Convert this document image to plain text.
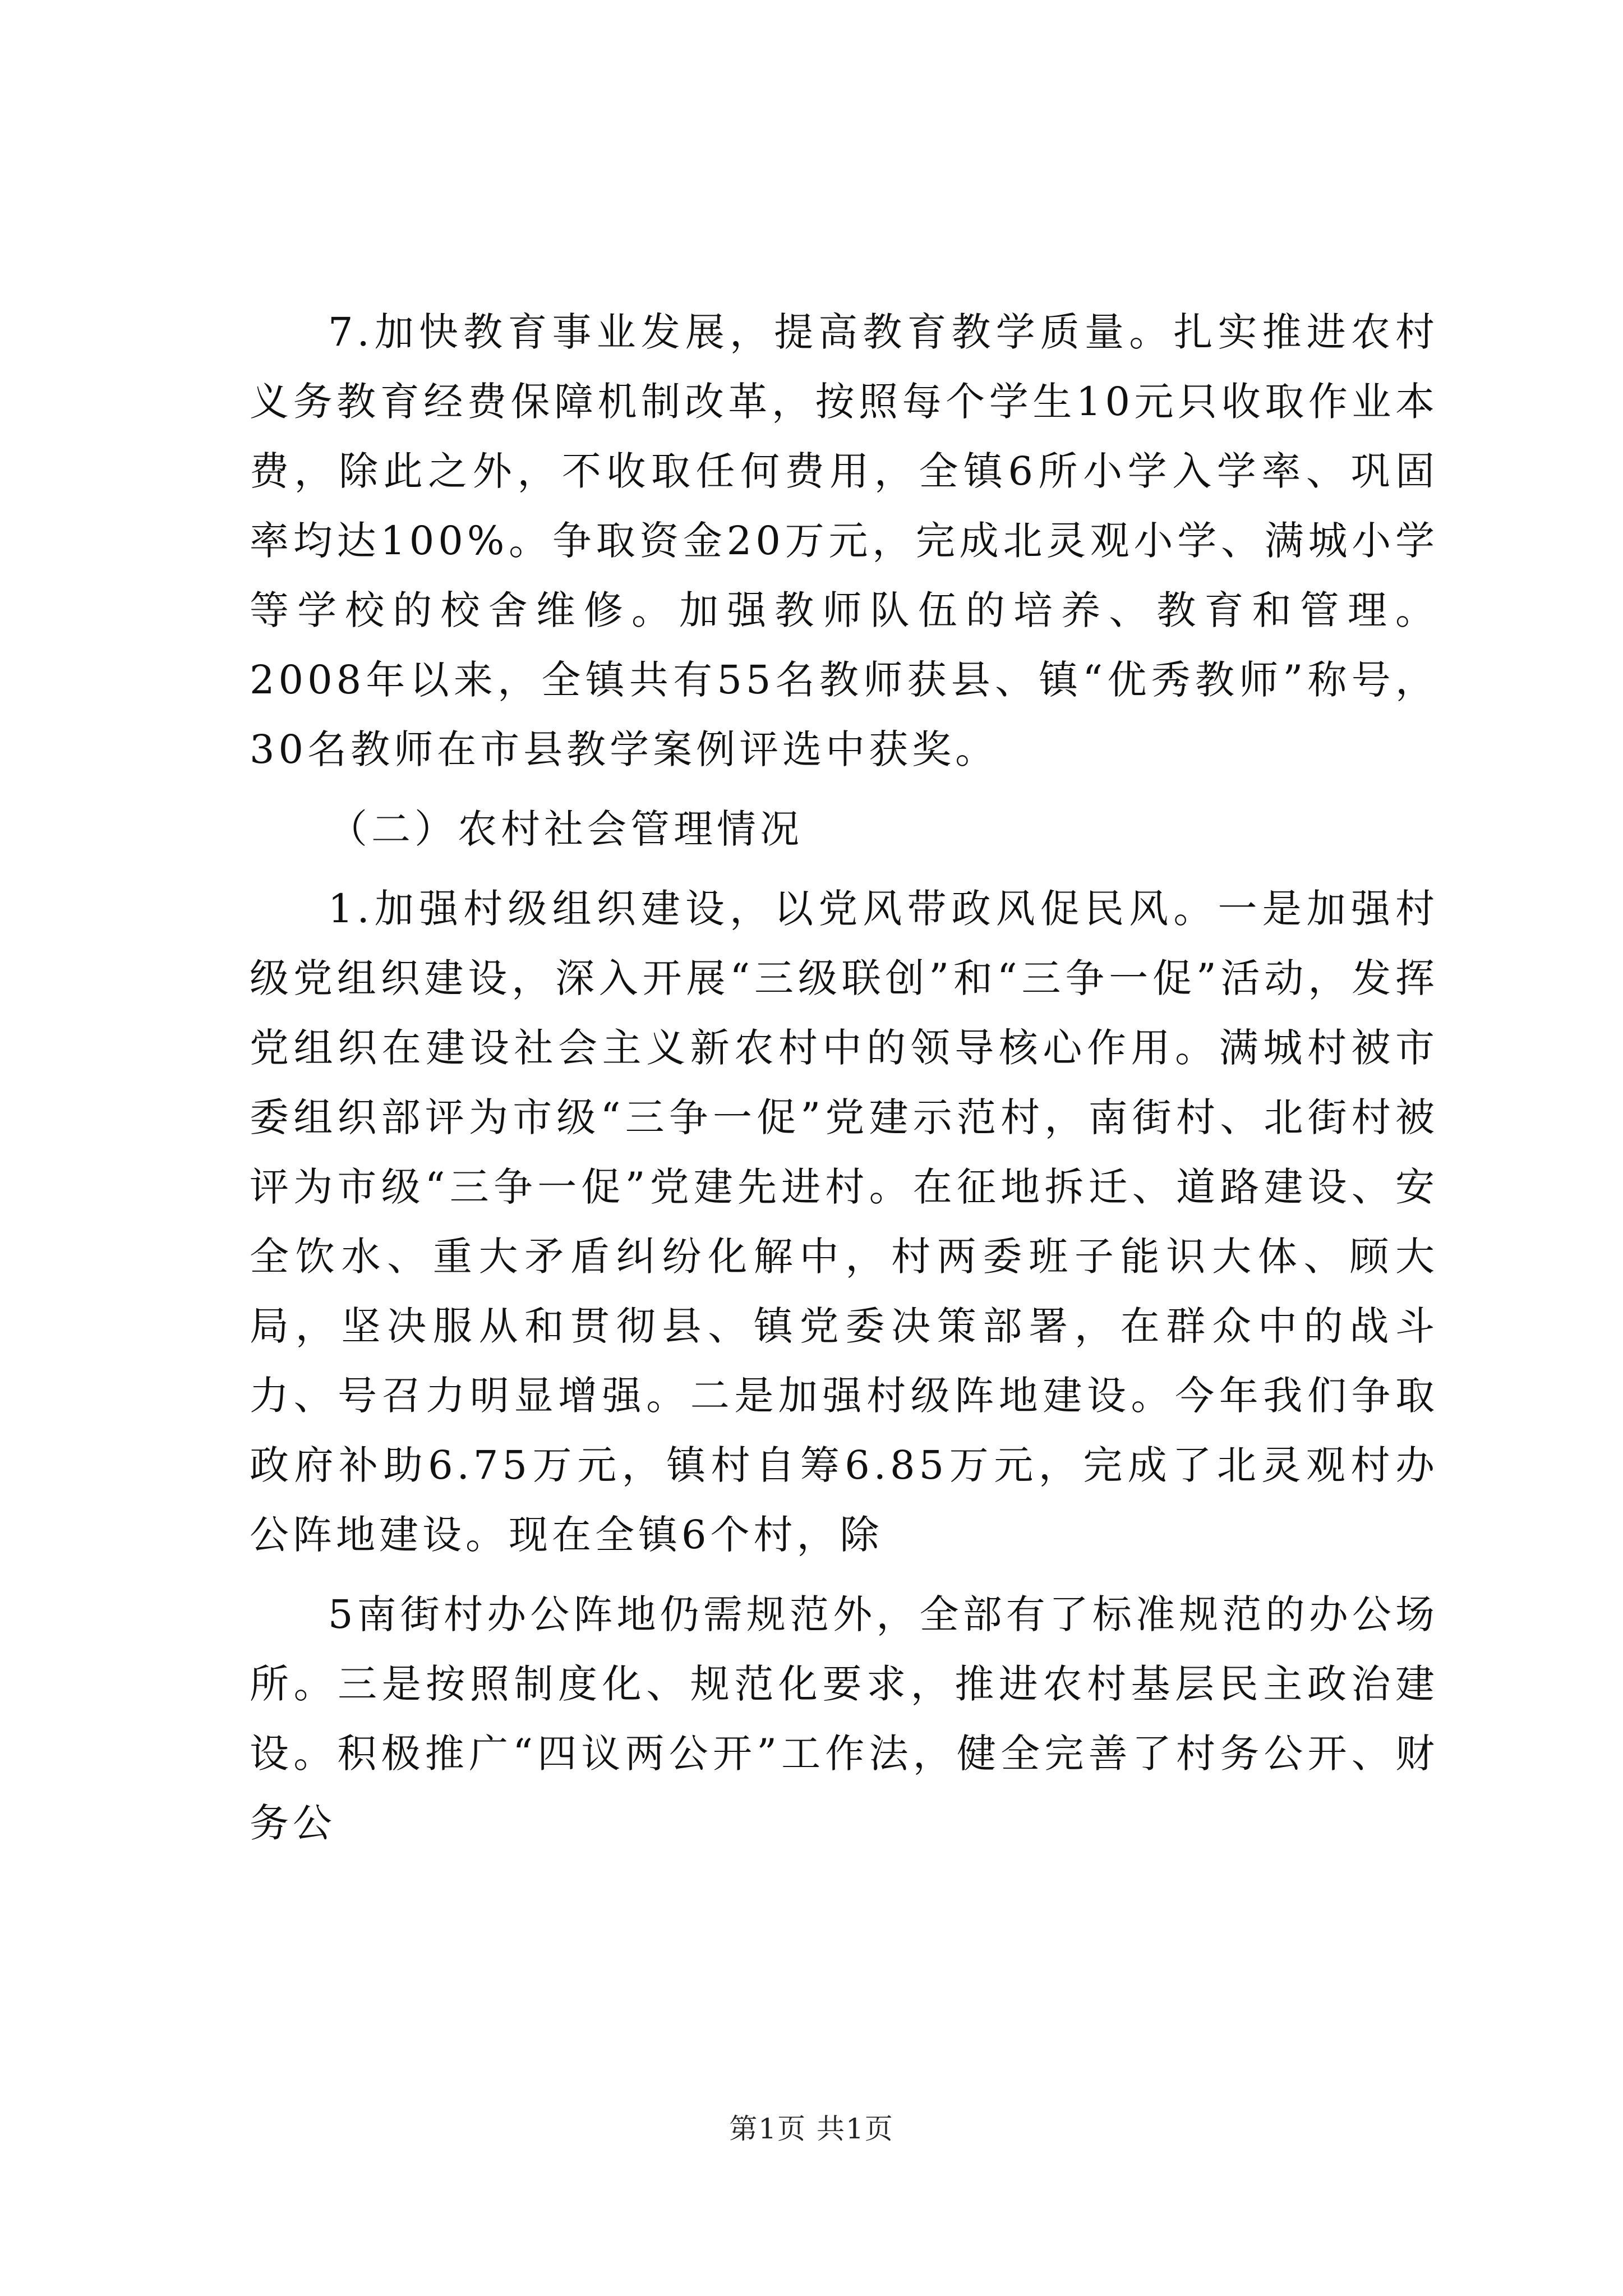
7.加快教育事业发展，提高教育教学质量。扎实推进农村义务教育经费保障机制改革，按照每个学生10元只收取作业本费，除此之外，不收取任何费用，全镇6所小学入学率、巩固率均达100%。争取资金20万元，完成北灵观小学、满城小学等学校的校舍维修。加强教师队伍的培养、教育和管理。2008年以来，全镇共有55名教师获县、镇“优秀教师”称号，30名教师在市县教学案例评选中获奖。

（二）农村社会管理情况

1.加强村级组织建设，以党风带政风促民风。一是加强村级党组织建设，深入开展“三级联创”和“三争一促”活动，发挥党组织在建设社会主义新农村中的领导核心作用。满城村被市委组织部评为市级“三争一促”党建示范村，南街村、北街村被评为市级“三争一促”党建先进村。在征地拆迁、道路建设、安全饮水、重大矛盾纠纷化解中，村两委班子能识大体、顾大局，坚决服从和贯彻县、镇党委决策部署，在群众中的战斗力、号召力明显增强。二是加强村级阵地建设。今年我们争取政府补助6.75万元，镇村自筹6.85万元，完成了北灵观村办公阵地建设。现在全镇6个村，除

5南街村办公阵地仍需规范外，全部有了标准规范的办公场所。三是按照制度化、规范化要求，推进农村基层民主政治建设。积极推广“四议两公开”工作法，健全完善了村务公开、财务公

第1页 共1页
